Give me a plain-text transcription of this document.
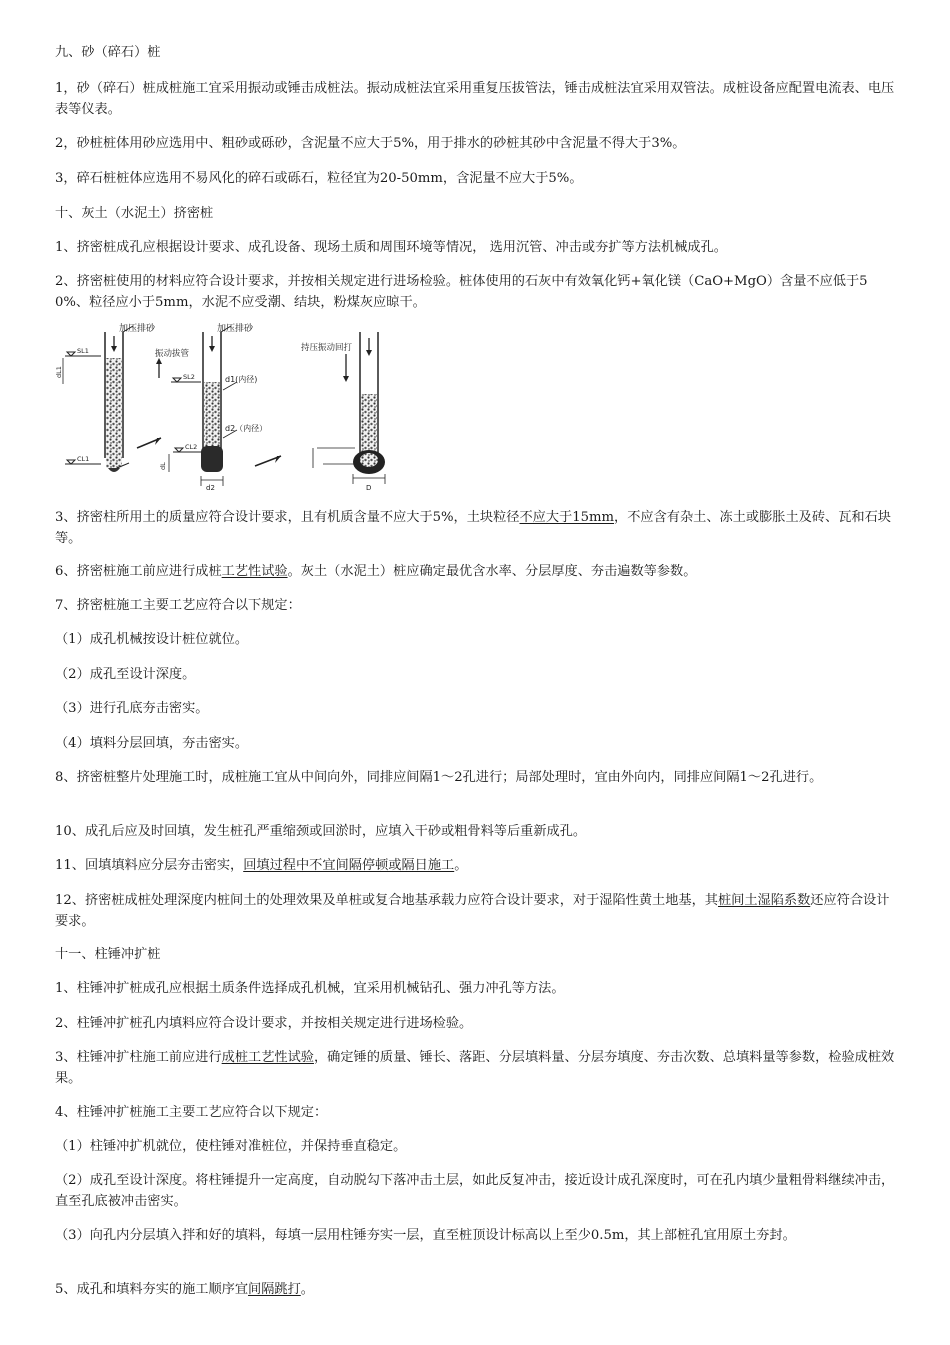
九、砂（碎石）桩

1，砂（碎石）桩成桩施工宜采用振动或锤击成桩法。振动成桩法宜采用重复压拔管法，锤击成桩法宜采用双管法。成桩设备应配置电流表、电压表等仪表。

2，砂桩桩体用砂应选用中、粗砂或砾砂，含泥量不应大于5%，用于排水的砂桩其砂中含泥量不得大于3%。

3，碎石桩桩体应选用不易风化的碎石或砾石，粒径宜为20-50mm，含泥量不应大于5%。

十、灰土（水泥土）挤密桩

1、挤密桩成孔应根据设计要求、成孔设备、现场土质和周围环境等情况， 选用沉管、冲击或夯扩等方法机械成孔。

2、挤密桩使用的材料应符合设计要求，并按相关规定进行进场检验。桩体使用的石灰中有效氧化钙+氧化镁（CaO+MgO）含量不应低于50%、粒径应小于5mm，水泥不应受潮、结块，粉煤灰应晾干。

加压排砂	加压排砂
振动拔管
持压振动回打
d1(内径)
d2（内径）
SL1
SL2
CL1
CL2
d2	D
dL1
dL

3、挤密柱所用土的质量应符合设计要求，且有机质含量不应大于5%，土块粒径不应大于15mm，不应含有杂土、冻土或膨胀土及砖、瓦和石块等。

6、挤密桩施工前应进行成桩工艺性试验。灰土（水泥土）桩应确定最优含水率、分层厚度、夯击遍数等参数。

7、挤密桩施工主要工艺应符合以下规定：

（1）成孔机械按设计桩位就位。

（2）成孔至设计深度。

（3）进行孔底夯击密实。

（4）填料分层回填，夯击密实。

8、挤密桩整片处理施工时，成桩施工宜从中间向外，同排应间隔1～2孔进行；局部处理时，宜由外向内，同排应间隔1～2孔进行。

10、成孔后应及时回填，发生桩孔严重缩颈或回淤时，应填入干砂或粗骨料等后重新成孔。

11、回填填料应分层夯击密实，回填过程中不宜间隔停顿或隔日施工。

12、挤密桩成桩处理深度内桩间土的处理效果及单桩或复合地基承载力应符合设计要求，对于湿陷性黄土地基，其桩间土湿陷系数还应符合设计要求。

十一、柱锤冲扩桩

1、柱锤冲扩桩成孔应根据土质条件选择成孔机械，宜采用机械钻孔、强力冲孔等方法。

2、柱锤冲扩桩孔内填料应符合设计要求，并按相关规定进行进场检验。

3、柱锤冲扩柱施工前应进行成桩工艺性试验，确定锤的质量、锤长、落距、分层填料量、分层夯填度、夯击次数、总填料量等参数，检验成桩效果。

4、柱锤冲扩桩施工主要工艺应符合以下规定：

（1）柱锤冲扩机就位，使柱锤对准桩位，并保持垂直稳定。

（2）成孔至设计深度。将柱锤提升一定高度，自动脱勾下落冲击土层，如此反复冲击，接近设计成孔深度时，可在孔内填少量粗骨料继续冲击，直至孔底被冲击密实。

（3）向孔内分层填入拌和好的填料，每填一层用柱锤夯实一层，直至桩顶设计标高以上至少0.5m，其上部桩孔宜用原土夯封。

5、成孔和填料夯实的施工顺序宜间隔跳打。
